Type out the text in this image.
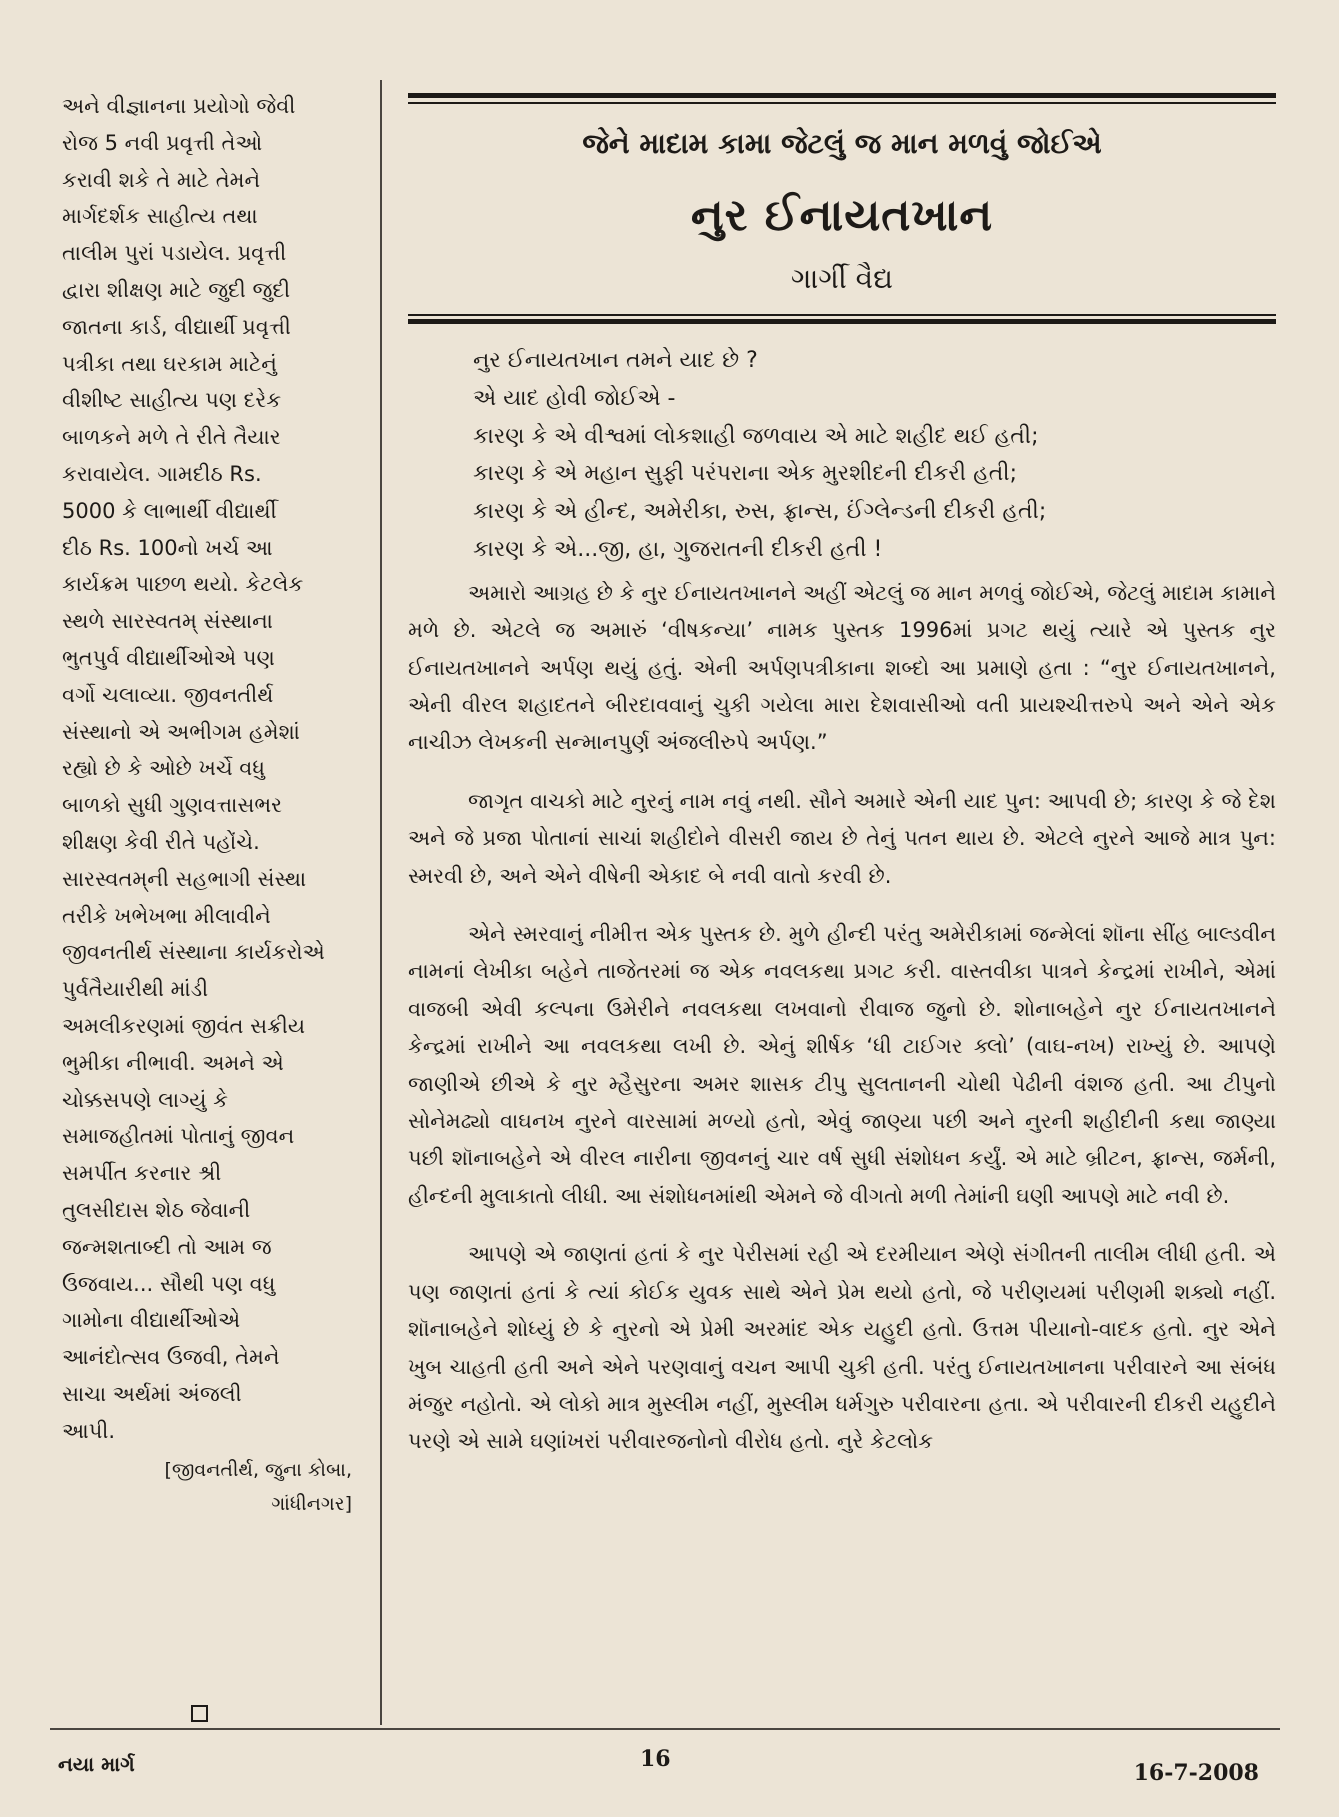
અને વીજ્ઞાનના પ્રયોગો જેવી
રોજ 5 નવી પ્રવૃત્તી તેઓ
કરાવી શકે તે માટે તેમને
માર્ગદર્શક સાહીત્ય તથા
તાલીમ પુરાં પડાયેલ. પ્રવૃત્તી
દ્વારા શીક્ષણ માટે જુદી જુદી
જાતના કાર્ડ, વીદ્યાર્થી પ્રવૃત્તી
પત્રીકા તથા ઘરકામ માટેનું
વીશીષ્ટ સાહીત્ય પણ દરેક
બાળકને મળે તે રીતે તૈયાર
કરાવાયેલ. ગામદીઠ Rs.
5000 કે લાભાર્થી વીદ્યાર્થી
દીઠ Rs. 100નો ખર્ચ આ
કાર્યક્રમ પાછળ થયો. કેટલેક
સ્થળે સારસ્વતમ્ સંસ્થાના
ભુતપુર્વ વીદ્યાર્થીઓએ પણ
વર્ગો ચલાવ્યા. જીવનતીર્થ
સંસ્થાનો એ અભીગમ હમેશાં
રહ્યો છે કે ઓછે ખર્ચે વધુ
બાળકો સુધી ગુણવત્તાસભર
શીક્ષણ કેવી રીતે પહોંચે.
સારસ્વતમ્‌ની સહભાગી સંસ્થા
તરીકે ખભેખભા મીલાવીને
જીવનતીર્થ સંસ્થાના કાર્યકરોએ
પુર્વતૈયારીથી માંડી
અમલીકરણમાં જીવંત સક્રીય
ભુમીકા નીભાવી. અમને એ
ચોક્કસપણે લાગ્યું કે
સમાજહીતમાં પોતાનું જીવન
સમર્પીત કરનાર શ્રી
તુલસીદાસ શેઠ જેવાની
જન્મશતાબ્દી તો આમ જ
ઉજવાય... સૌથી પણ વધુ
ગામોના વીદ્યાર્થીઓએ
આનંદોત્સવ ઉજવી, તેમને
સાચા અર્થમાં અંજલી
આપી.
[જીવનતીર્થ, જુના કોબા,
ગાંધીનગર]
જેને માદામ કામા જેટલું જ માન મળવું જોઈએ
નુર ઈનાયતખાન
ગાર્ગી વૈદ્ય
નુર ઈનાયતખાન તમને યાદ છે ?
એ યાદ હોવી જોઈએ -
કારણ કે એ વીશ્વમાં લોકશાહી જળવાય એ માટે શહીદ થઈ હતી;
કારણ કે એ મહાન સુફી પરંપરાના એક મુરશીદની દીકરી હતી;
કારણ કે એ હીન્દ, અમેરીકા, રુસ, ફ્રાન્સ, ઈંગ્લેન્ડની દીકરી હતી;
કારણ કે એ...જી, હા, ગુજરાતની દીકરી હતી !

અમારો આગ્રહ છે કે નુર ઈનાયતખાનને અહીં એટલું જ માન મળવું જોઈએ, જેટલું માદામ કામાને મળે છે. એટલે જ અમારું ‘વીષકન્યા’ નામક પુસ્તક 1996માં પ્રગટ થયું ત્યારે એ પુસ્તક નુર ઈનાયતખાનને અર્પણ થયું હતું. એની અર્પણપત્રીકાના શબ્દો આ પ્રમાણે હતા : “નુર ઈનાયતખાનને, એની વીરલ શહાદતને બીરદાવવાનું ચુકી ગયેલા મારા દેશવાસીઓ વતી પ્રાયશ્ચીત્તરુપે અને એને એક નાચીઝ લેખકની સન્માનપુર્ણ અંજલીરુપે અર્પણ.”

જાગૃત વાચકો માટે નુરનું નામ નવું નથી. સૌને અમારે એની યાદ પુન: આપવી છે; કારણ કે જે દેશ અને જે પ્રજા પોતાનાં સાચાં શહીદોને વીસરી જાય છે તેનું પતન થાય છે. એટલે નુરને આજે માત્ર પુન: સ્મરવી છે, અને એને વીષેની એકાદ બે નવી વાતો કરવી છે.

એને સ્મરવાનું નીમીત્ત એક પુસ્તક છે. મુળે હીન્દી પરંતુ અમેરીકામાં જન્મેલાં શૉના સીંહ બાલ્ડવીન નામનાં લેખીકા બહેને તાજેતરમાં જ એક નવલકથા પ્રગટ કરી. વાસ્તવીકા પાત્રને કેન્દ્રમાં રાખીને, એમાં વાજબી એવી કલ્પના ઉમેરીને નવલકથા લખવાનો રીવાજ જુનો છે. શોનાબહેને નુર ઈનાયતખાનને કેન્દ્રમાં રાખીને આ નવલકથા લખી છે. એનું શીર્ષક ‘ધી ટાઈગર ક્લો’ (વાઘ-નખ) રાખ્યું છે. આપણે જાણીએ છીએ કે નુર મ્હૈસુરના અમર શાસક ટીપુ સુલતાનની ચોથી પેઢીની વંશજ હતી. આ ટીપુનો સોનેમઢ્યો વાઘનખ નુરને વારસામાં મળ્યો હતો, એવું જાણ્યા પછી અને નુરની શહીદીની કથા જાણ્યા પછી શૉનાબહેને એ વીરલ નારીના જીવનનું ચાર વર્ષ સુધી સંશોધન કર્યું. એ માટે બ્રીટન, ફ્રાન્સ, જર્મની, હીન્દની મુલાકાતો લીધી. આ સંશોધનમાંથી એમને જે વીગતો મળી તેમાંની ઘણી આપણે માટે નવી છે.

આપણે એ જાણતાં હતાં કે નુર પેરીસમાં રહી એ દરમીયાન એણે સંગીતની તાલીમ લીધી હતી. એ પણ જાણતાં હતાં કે ત્યાં કોઈક યુવક સાથે એને પ્રેમ થયો હતો, જે પરીણયમાં પરીણમી શક્યો નહીં. શૉનાબહેને શોધ્યું છે કે નુરનો એ પ્રેમી અરમાંદ એક યહુદી હતો. ઉત્તમ પીયાનો-વાદક હતો. નુર એને ખુબ ચાહતી હતી અને એને પરણવાનું વચન આપી ચુકી હતી. પરંતુ ઈનાયતખાનના પરીવારને આ સંબંધ મંજુર નહોતો. એ લોકો માત્ર મુસ્લીમ નહીં, મુસ્લીમ ધર્મગુરુ પરીવારના હતા. એ પરીવારની દીકરી યહુદીને પરણે એ સામે ઘણાંખરાં પરીવારજનોનો વીરોધ હતો. નુરે કેટલોક

નયા માર્ગ	16
16-7-2008
